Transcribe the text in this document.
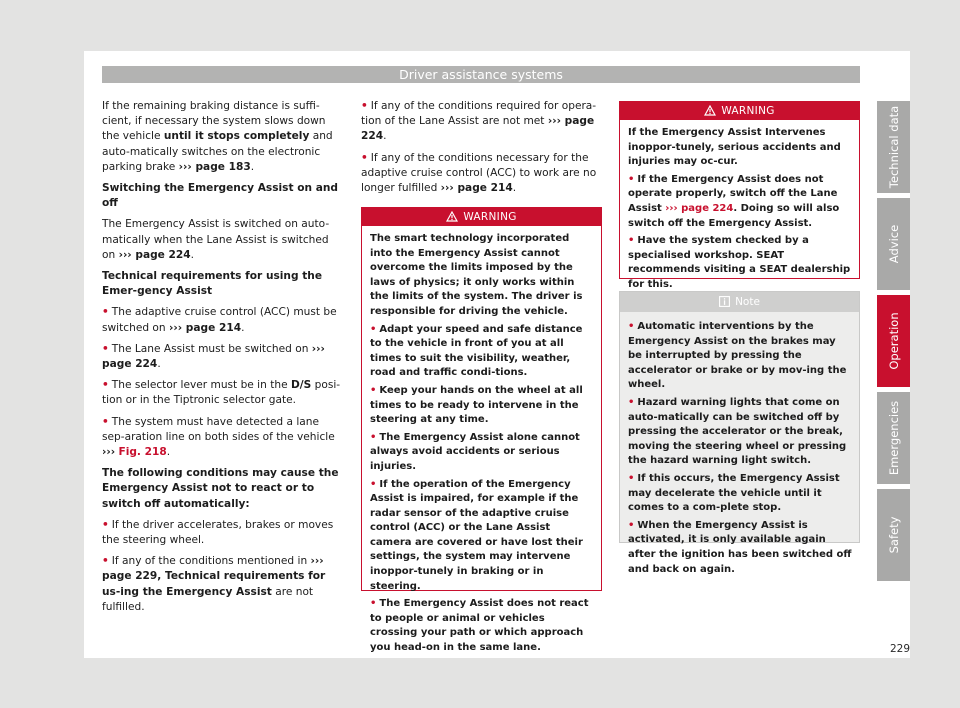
Driver assistance systems

If the remaining braking distance is suffi-cient, if necessary the system slows down the vehicle until it stops completely and auto-matically switches on the electronic parking brake ››› page 183.

Switching the Emergency Assist on and off

The Emergency Assist is switched on auto-matically when the Lane Assist is switched on ››› page 224.

Technical requirements for using the Emer-gency Assist

• The adaptive cruise control (ACC) must be switched on ››› page 214.

• The Lane Assist must be switched on ››› page 224.

• The selector lever must be in the D/S posi-tion or in the Tiptronic selector gate.

• The system must have detected a lane sep-aration line on both sides of the vehicle ››› Fig. 218.

The following conditions may cause the Emergency Assist not to react or to switch off automatically:

• If the driver accelerates, brakes or moves the steering wheel.

• If any of the conditions mentioned in ››› page 229, Technical requirements for us-ing the Emergency Assist are not fulfilled.

• If any of the conditions required for opera-tion of the Lane Assist are not met ››› page 224.

• If any of the conditions necessary for the adaptive cruise control (ACC) to work are no longer fulfilled ››› page 214.

WARNING

The smart technology incorporated into the Emergency Assist cannot overcome the limits imposed by the laws of physics; it only works within the limits of the system. The driver is responsible for driving the vehicle.

• Adapt your speed and safe distance to the vehicle in front of you at all times to suit the visibility, weather, road and traffic condi-tions.

• Keep your hands on the wheel at all times to be ready to intervene in the steering at any time.

• The Emergency Assist alone cannot always avoid accidents or serious injuries.

• If the operation of the Emergency Assist is impaired, for example if the radar sensor of the adaptive cruise control (ACC) or the Lane Assist camera are covered or have lost their settings, the system may intervene inoppor-tunely in braking or in steering.

• The Emergency Assist does not react to people or animal or vehicles crossing your path or which approach you head-on in the same lane.

WARNING

If the Emergency Assist Intervenes inoppor-tunely, serious accidents and injuries may oc-cur.

• If the Emergency Assist does not operate properly, switch off the Lane Assist ››› page 224. Doing so will also switch off the Emergency Assist.

• Have the system checked by a specialised workshop. SEAT recommends visiting a SEAT dealership for this.

Note

• Automatic interventions by the Emergency Assist on the brakes may be interrupted by pressing the accelerator or brake or by mov-ing the wheel.

• Hazard warning lights that come on auto-matically can be switched off by pressing the accelerator or the break, moving the steering wheel or pressing the hazard warning light switch.

• If this occurs, the Emergency Assist may decelerate the vehicle until it comes to a com-plete stop.

• When the Emergency Assist is activated, it is only available again after the ignition has been switched off and back on again.

Technical data
Advice
Operation
Emergencies
Safety
229
